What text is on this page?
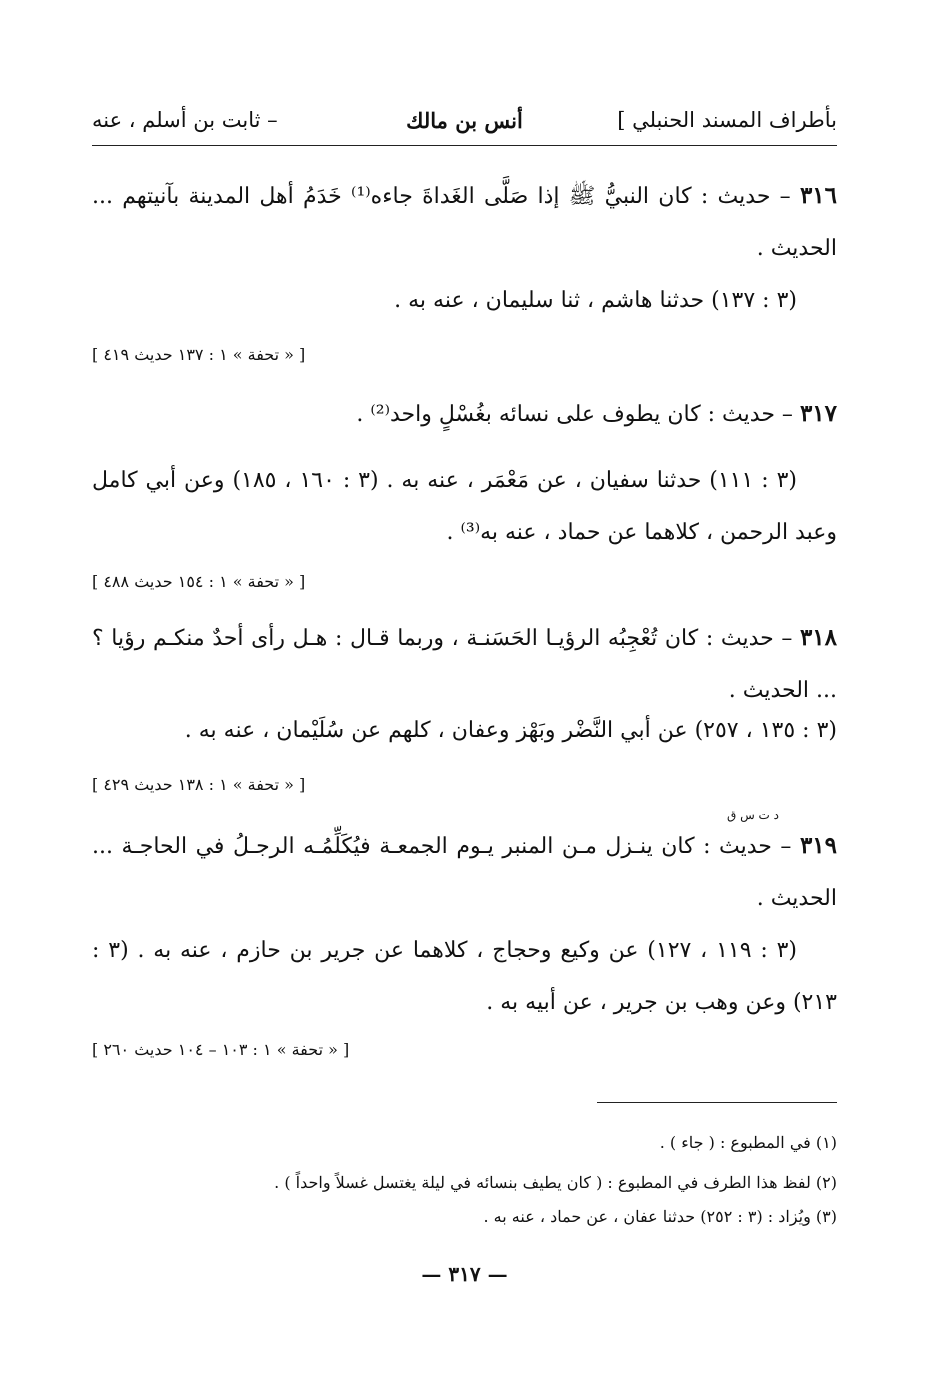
بأطراف المسند الحنبلي ]
أنس بن مالك
– ثابت بن أسلم ، عنه
٣١٦ – حديث : كان النبيُّ ﷺ إذا صَلَّى الغَداةَ جاءه⁽¹⁾ خَدَمُ أهل المدينة بآنيتهم ... الحديث .
(٣ : ١٣٧) حدثنا هاشم ، ثنا سليمان ، عنه به .
[ « تحفة » ١ : ١٣٧ حديث ٤١٩ ]
٣١٧ – حديث : كان يطوف على نسائه بغُسْلٍ واحد⁽²⁾ .
(٣ : ١١١) حدثنا سفيان ، عن مَعْمَر ، عنه به . (٣ : ١٦٠ ، ١٨٥) وعن أبي كامل وعبد الرحمن ، كلاهما عن حماد ، عنه به⁽³⁾ .
[ « تحفة » ١ : ١٥٤ حديث ٤٨٨ ]
٣١٨ – حديث : كان تُعْجِبُه الرؤيـا الحَسَنـة ، وربما قـال : هـل رأى أحدٌ منكـم رؤيا ؟ ... الحديث .
(٣ : ١٣٥ ، ٢٥٧) عن أبي النَّضْر وبَهْز وعفان ، كلهم عن سُلَيْمان ، عنه به .
[ « تحفة » ١ : ١٣٨ حديث ٤٢٩ ]
د ت س ق
٣١٩ – حديث : كان ينـزل مـن المنبر يـوم الجمعـة فيُكَلِّمُـه الرجـلُ في الحاجـة ... الحديث .
(٣ : ١١٩ ، ١٢٧) عن وكيع وحجاج ، كلاهما عن جرير بن حازم ، عنه به . (٣ : ٢١٣) وعن وهب بن جرير ، عن أبيه به .
[ « تحفة » ١ : ١٠٣ – ١٠٤ حديث ٢٦٠ ]
(١) في المطبوع : ( جاء ) .
(٢) لفظ هذا الطرف في المطبوع : ( كان يطيف بنسائه في ليلة يغتسل غسلاً واحداً ) .
(٣) ويُزاد : (٣ : ٢٥٢) حدثنا عفان ، عن حماد ، عنه به .
— ٣١٧ —
